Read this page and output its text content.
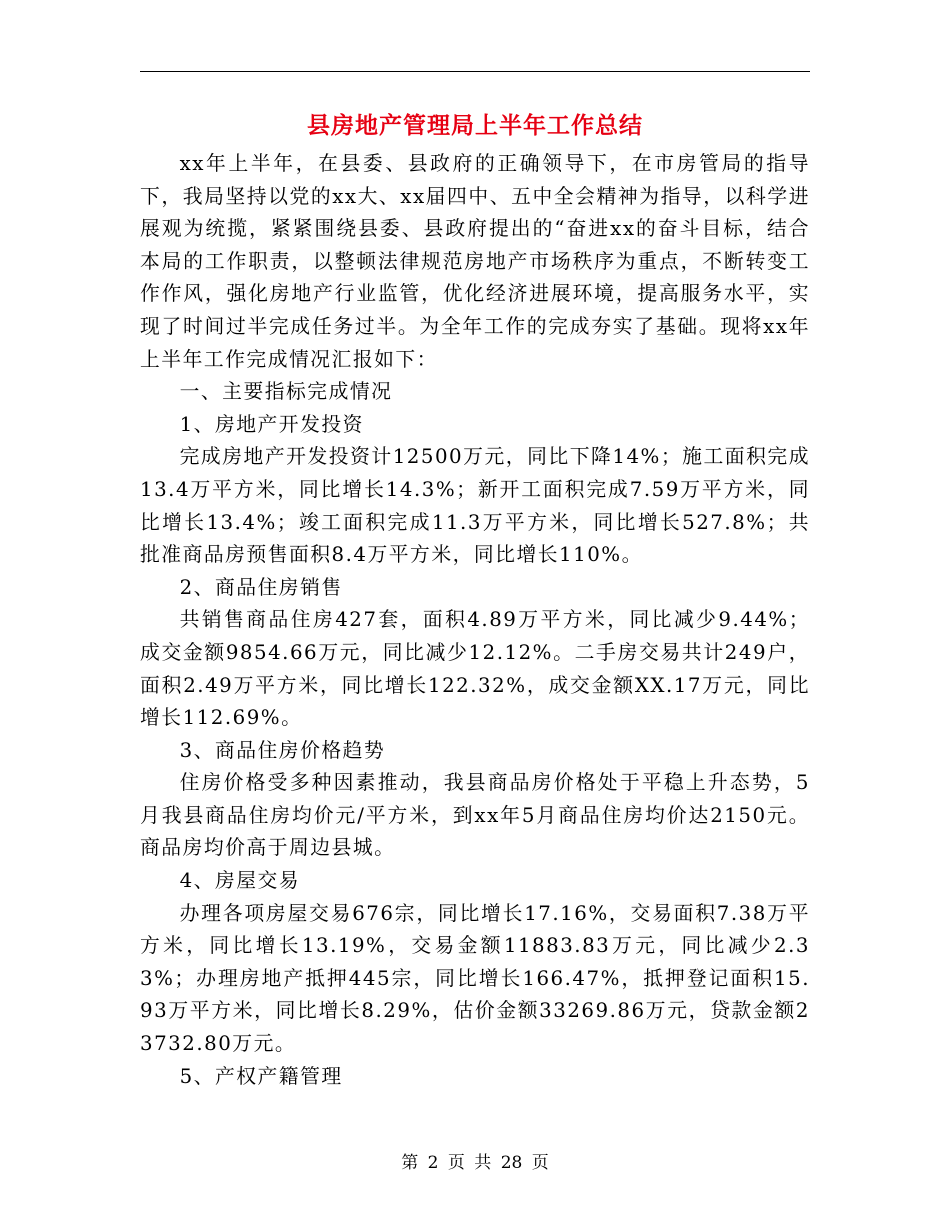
县房地产管理局上半年工作总结

xx年上半年，在县委、县政府的正确领导下，在市房管局的指导下，我局坚持以党的xx大、xx届四中、五中全会精神为指导，以科学进展观为统揽，紧紧围绕县委、县政府提出的“奋进xx的奋斗目标，结合本局的工作职责，以整顿法律规范房地产市场秩序为重点，不断转变工作作风，强化房地产行业监管，优化经济进展环境，提高服务水平，实现了时间过半完成任务过半。为全年工作的完成夯实了基础。现将xx年上半年工作完成情况汇报如下：

一、主要指标完成情况

1、房地产开发投资

完成房地产开发投资计12500万元，同比下降14%；施工面积完成13.4万平方米，同比增长14.3%；新开工面积完成7.59万平方米，同比增长13.4%；竣工面积完成11.3万平方米，同比增长527.8%；共批准商品房预售面积8.4万平方米，同比增长110%。

2、商品住房销售

共销售商品住房427套，面积4.89万平方米，同比减少9.44%；成交金额9854.66万元，同比减少12.12%。二手房交易共计249户，面积2.49万平方米，同比增长122.32%，成交金额XX.17万元，同比增长112.69%。

3、商品住房价格趋势

住房价格受多种因素推动，我县商品房价格处于平稳上升态势，5月我县商品住房均价元/平方米，到xx年5月商品住房均价达2150元。商品房均价高于周边县城。

4、房屋交易

办理各项房屋交易676宗，同比增长17.16%，交易面积7.38万平方米，同比增长13.19%，交易金额11883.83万元，同比减少2.33%；办理房地产抵押445宗，同比增长166.47%，抵押登记面积15.93万平方米，同比增长8.29%，估价金额33269.86万元，贷款金额23732.80万元。

5、产权产籍管理

第 2 页 共 28 页
